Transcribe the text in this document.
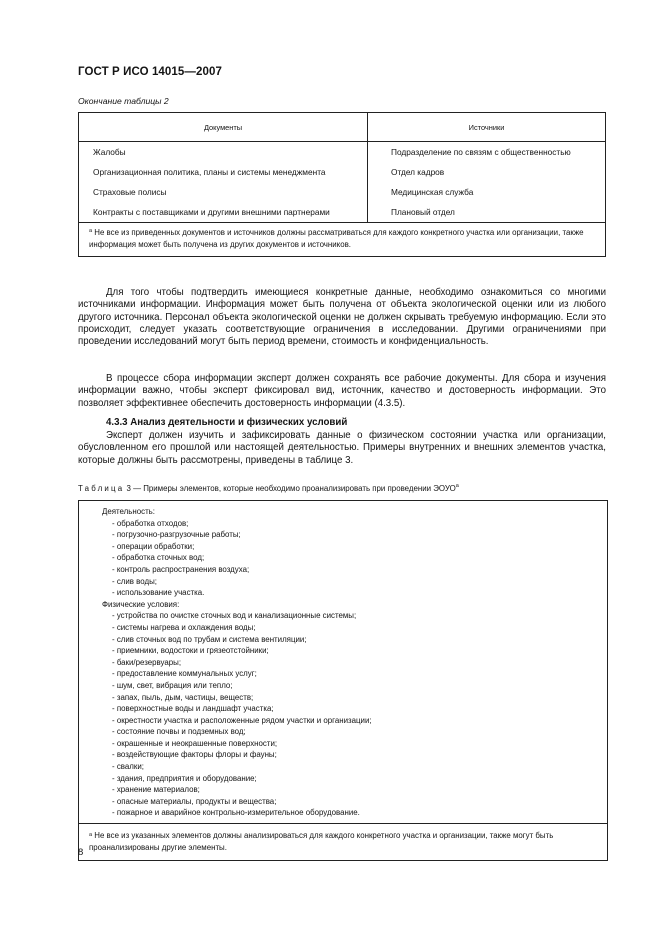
ГОСТ Р ИСО 14015—2007
Окончание таблицы 2
Документы	Источники
Жалобы	Подразделение по связям с общественностью
Организационная политика, планы и системы менеджмента	Отдел кадров
Страховые полисы	Медицинская служба
Контракты с поставщиками и другими внешними партнерами	Плановый отдел
$^а$ Не все из приведенных документов и источников должны рассматриваться для каждого конкретного участка или организации, также информация может быть получена из других документов и источников.	
Для того чтобы подтвердить имеющиеся конкретные данные, необходимо ознакомиться со многими источниками информации. Информация может быть получена от объекта экологической оценки или из любого другого источника. Персонал объекта экологической оценки не должен скрывать требуемую информацию. Если это происходит, следует указать соответствующие ограничения в исследовании. Другими ограничениями при проведении исследований могут быть период времени, стоимость и конфиденциальность.
В процессе сбора информации эксперт должен сохранять все рабочие документы. Для сбора и изучения информации важно, чтобы эксперт фиксировал вид, источник, качество и достоверность информации. Это позволяет эффективнее обеспечить достоверность информации (4.3.5).
4.3.3 Анализ деятельности и физических условий
Эксперт должен изучить и зафиксировать данные о физическом состоянии участка или организации, обусловленном его прошлой или настоящей деятельностью. Примеры внутренних и внешних элементов участка, которые должны быть рассмотрены, приведены в таблице 3.
Таблица 3 — Примеры элементов, которые необходимо проанализировать при проведении $ЭОУО^а$
Деятельность:
- обработка отходов;
- погрузочно-разгрузочные работы;
- операции обработки;
- обработка сточных вод;
- контроль распространения воздуха;
- слив воды;
- использование участка.
Физические условия:
- устройства по очистке сточных вод и канализационные системы;
- системы нагрева и охлаждения воды;
- слив сточных вод по трубам и система вентиляции;
- приемники, водостоки и грязеотстойники;
- баки/резервуары;
- предоставление коммунальных услуг;
- шум, свет, вибрация или тепло;
- запах, пыль, дым, частицы, веществ;
- поверхностные воды и ландшафт участка;
- окрестности участка и расположенные рядом участки и организации;
- состояние почвы и подземных вод;
- окрашенные и неокрашенные поверхности;
- воздействующие факторы флоры и фауны;
- свалки;
- здания, предприятия и оборудование;
- хранение материалов;
- опасные материалы, продукты и вещества;
- пожарное и аварийное контрольно-измерительное оборудование.
$^а$ Не все из указанных элементов должны анализироваться для каждого конкретного участка и организации, также могут быть проанализированы другие элементы.
8
